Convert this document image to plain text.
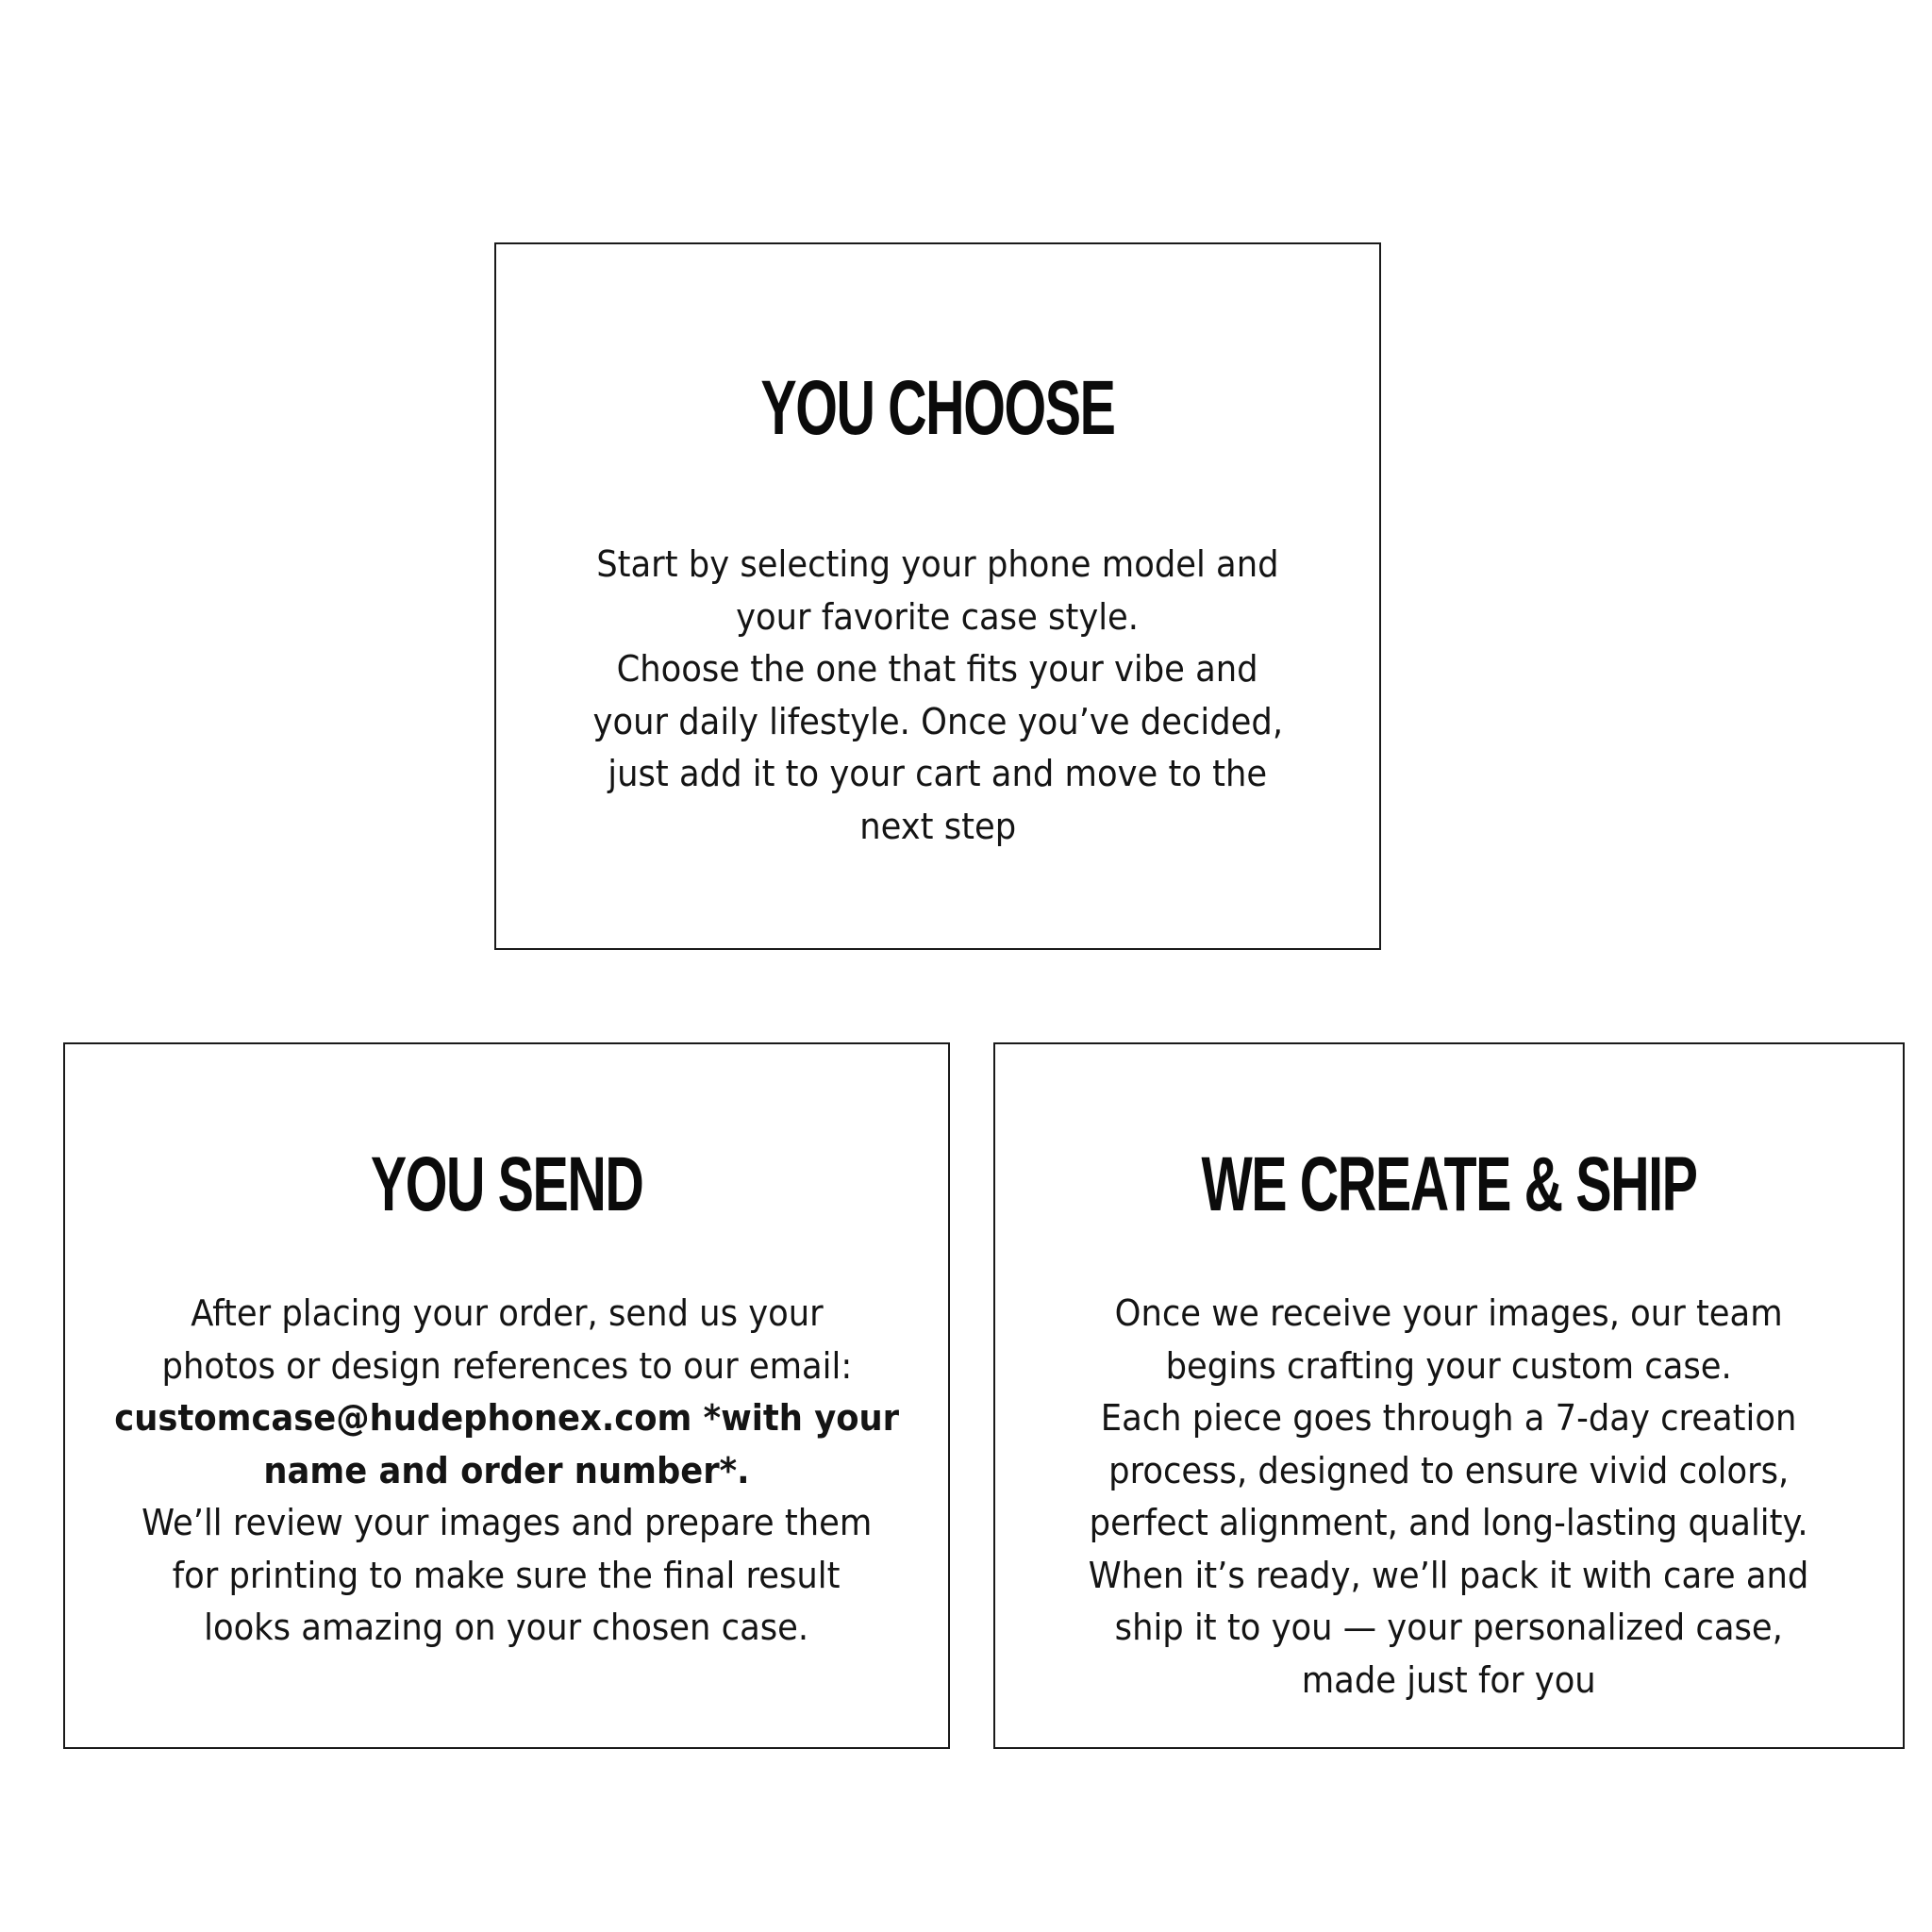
YOU CHOOSE
Start by selecting your phone model and
your favorite case style.
Choose the one that fits your vibe and
your daily lifestyle. Once you’ve decided,
just add it to your cart and move to the
next step
YOU SEND
After placing your order, send us your
photos or design references to our email:
customcase@hudephonex.com *with your
name and order number*.
We’ll review your images and prepare them
for printing to make sure the final result
looks amazing on your chosen case.
WE CREATE & SHIP
Once we receive your images, our team
begins crafting your custom case.
Each piece goes through a 7-day creation
process, designed to ensure vivid colors,
perfect alignment, and long-lasting quality.
When it’s ready, we’ll pack it with care and
ship it to you — your personalized case,
made just for you
